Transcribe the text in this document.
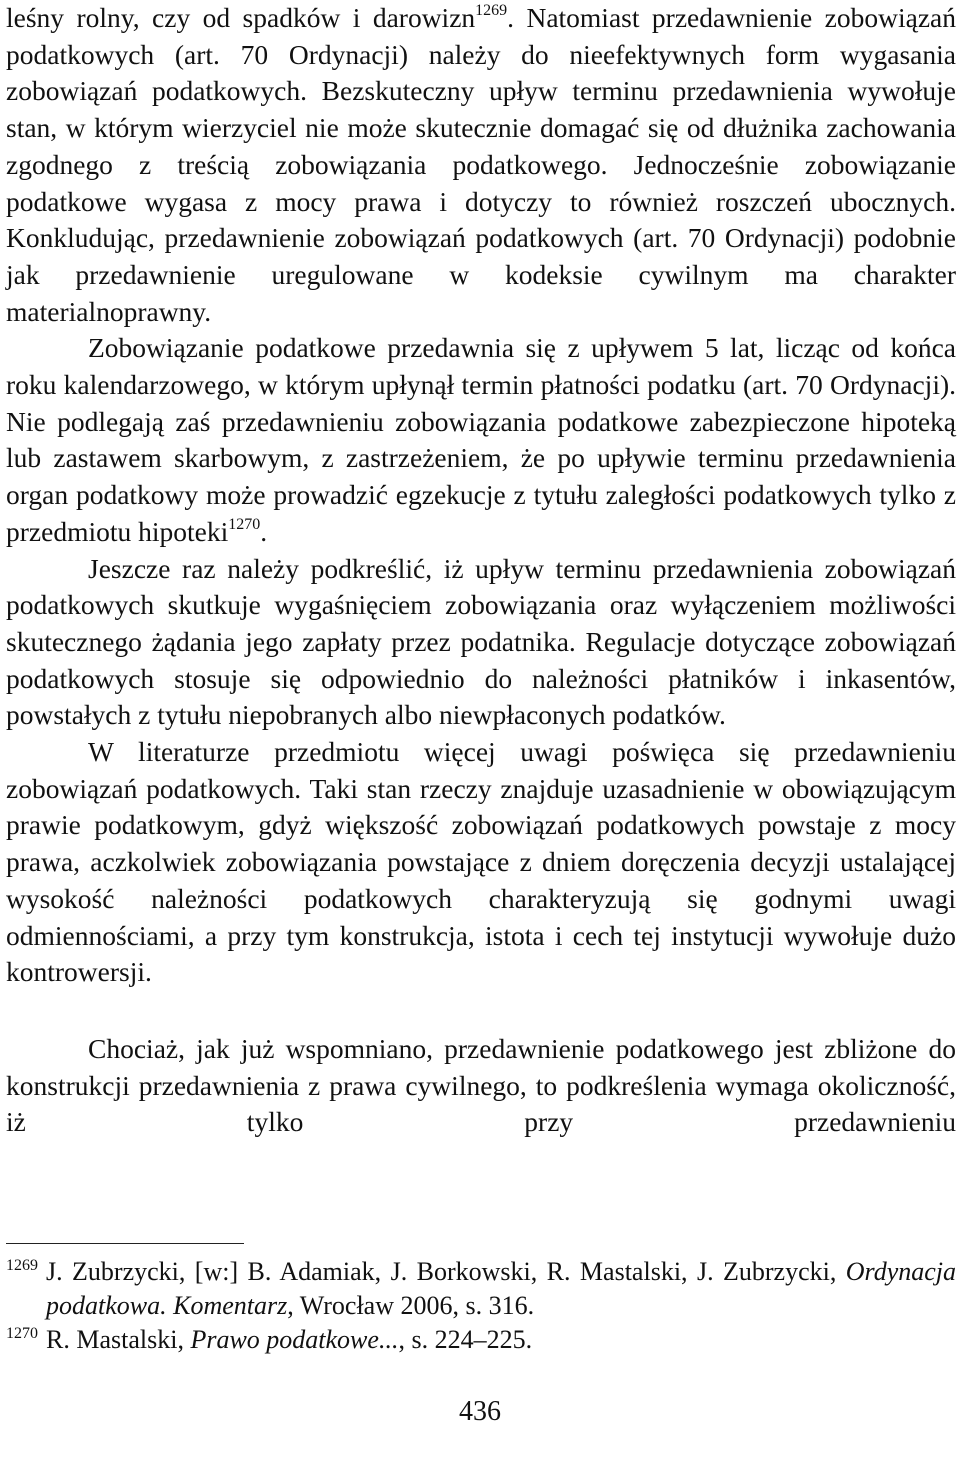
leśny rolny, czy od spadków i darowizn$^{1269}$. Natomiast przedawnienie zobowiązań podatkowych (art. 70 Ordynacji) należy do nieefektywnych form wygasania zobowiązań podatkowych. Bezskuteczny upływ terminu przedawnienia wywołuje stan, w którym wierzyciel nie może skutecznie domagać się od dłużnika zachowania zgodnego z treścią zobowiązania podatkowego. Jednocześnie zobowiązanie podatkowe wygasa z mocy prawa i dotyczy to również roszczeń ubocznych. Konkludując, przedawnienie zobowiązań podatkowych (art. 70 Ordynacji) podobnie jak przedawnienie uregulowane w kodeksie cywilnym ma charakter materialnoprawny.

Zobowiązanie podatkowe przedawnia się z upływem 5 lat, licząc od końca roku kalendarzowego, w którym upłynął termin płatności podatku (art. 70 Ordynacji). Nie podlegają zaś przedawnieniu zobowiązania podatkowe zabezpieczone hipoteką lub zastawem skarbowym, z zastrzeżeniem, że po upływie terminu przedawnienia organ podatkowy może prowadzić egzekucje z tytułu zaległości podatkowych tylko z przedmiotu hipoteki$^{1270}$.

Jeszcze raz należy podkreślić, iż upływ terminu przedawnienia zobowiązań podatkowych skutkuje wygaśnięciem zobowiązania oraz wyłączeniem możliwości skutecznego żądania jego zapłaty przez podatnika. Regulacje dotyczące zobowiązań podatkowych stosuje się odpowiednio do należności płatników i inkasentów, powstałych z tytułu niepobranych albo niewpłaconych podatków.

W literaturze przedmiotu więcej uwagi poświęca się przedawnieniu zobowiązań podatkowych. Taki stan rzeczy znajduje uzasadnienie w obowiązującym prawie podatkowym, gdyż większość zobowiązań podatkowych powstaje z mocy prawa, aczkolwiek zobowiązania powstające z dniem doręczenia decyzji ustalającej wysokość należności podatkowych charakteryzują się godnymi uwagi odmiennościami, a przy tym konstrukcja, istota i cech tej instytucji wywołuje dużo kontrowersji.

Chociaż, jak już wspomniano, przedawnienie podatkowego jest zbliżone do konstrukcji przedawnienia z prawa cywilnego, to podkreślenia wymaga okoliczność, iż tylko przy przedawnieniu

1269 J. Zubrzycki, [w:] B. Adamiak, J. Borkowski, R. Mastalski, J. Zubrzycki, Ordynacja podatkowa. Komentarz, Wrocław 2006, s. 316.
1270 R. Mastalski, Prawo podatkowe..., s. 224–225.
436
